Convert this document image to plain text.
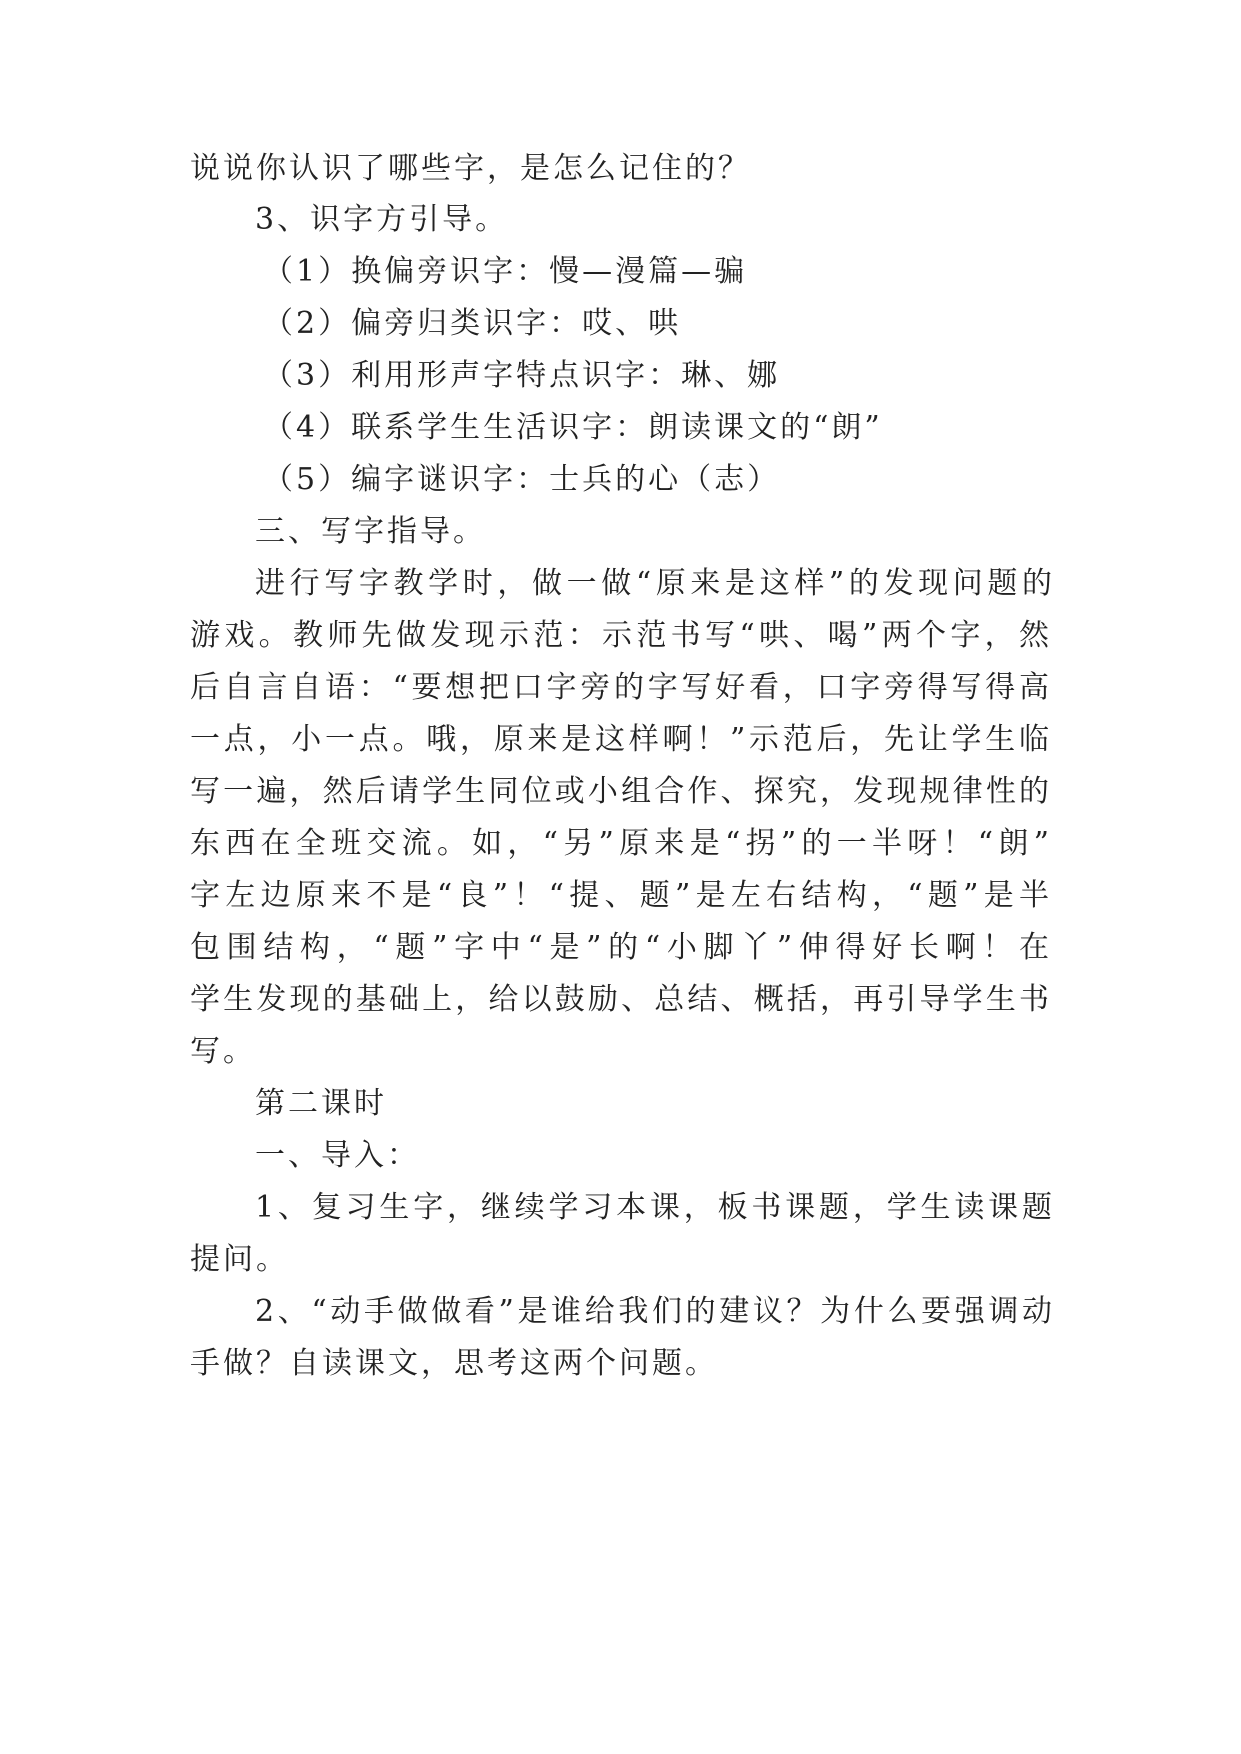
说说你认识了哪些字，是怎么记住的？
3、识字方引导。
（1）换偏旁识字：慢—漫篇—骗
（2）偏旁归类识字：哎、哄
（3）利用形声字特点识字：琳、娜
（4）联系学生生活识字：朗读课文的“朗”
（5）编字谜识字：士兵的心（志）
三、写字指导。
进行写字教学时，做一做“原来是这样”的发现问题的
游戏。教师先做发现示范：示范书写“哄、喝”两个字，然
后自言自语：“要想把口字旁的字写好看，口字旁得写得高
一点，小一点。哦，原来是这样啊！”示范后，先让学生临
写一遍，然后请学生同位或小组合作、探究，发现规律性的
东西在全班交流。如，“另”原来是“拐”的一半呀！“朗”
字左边原来不是“良”！“提、题”是左右结构，“题”是半
包围结构，“题”字中“是”的“小脚丫”伸得好长啊！在
学生发现的基础上，给以鼓励、总结、概括，再引导学生书
写。
第二课时
一、导入：
1、复习生字，继续学习本课，板书课题，学生读课题
提问。
2、“动手做做看”是谁给我们的建议？为什么要强调动
手做？自读课文，思考这两个问题。
